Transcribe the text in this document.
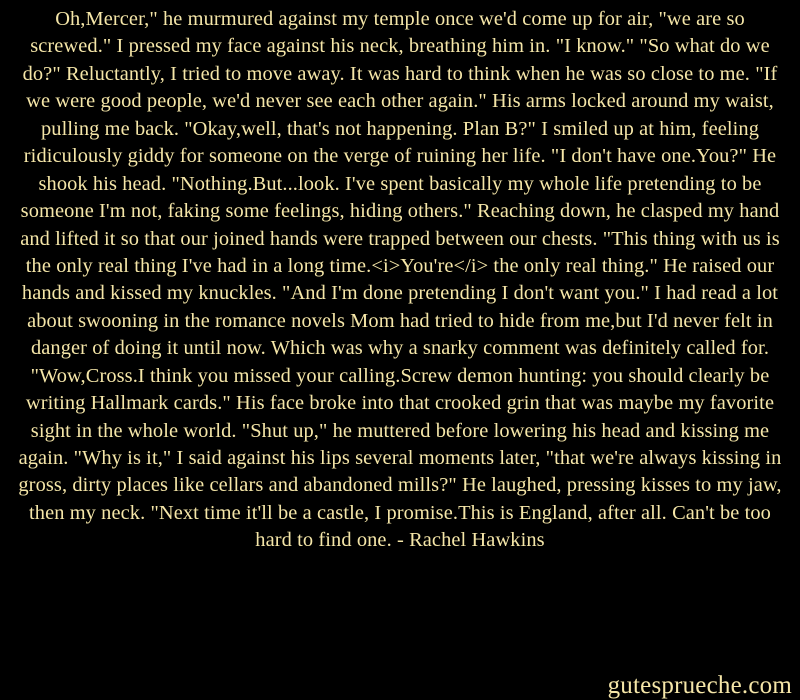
Oh,Mercer," he murmured against my temple once we'd come up for air, "we are so screwed." I pressed my face against his neck, breathing him in. "I know." "So what do we do?" Reluctantly, I tried to move away. It was hard to think when he was so close to me. "If we were good people, we'd never see each other again." His arms locked around my waist, pulling me back. "Okay,well, that's not happening. Plan B?" I smiled up at him, feeling ridiculously giddy for someone on the verge of ruining her life. "I don't have one.You?" He shook his head. "Nothing.But...look. I've spent basically my whole life pretending to be someone I'm not, faking some feelings, hiding others." Reaching down, he clasped my hand and lifted it so that our joined hands were trapped between our chests. "This thing with us is the only real thing I've had in a long time.<i>You're</i> the only real thing." He raised our hands and kissed my knuckles. "And I'm done pretending I don't want you." I had read a lot about swooning in the romance novels Mom had tried to hide from me,but I'd never felt in danger of doing it until now. Which was why a snarky comment was definitely called for. "Wow,Cross.I think you missed your calling.Screw demon hunting: you should clearly be writing Hallmark cards." His face broke into that crooked grin that was maybe my favorite sight in the whole world. "Shut up," he muttered before lowering his head and kissing me again. "Why is it," I said against his lips several moments later, "that we're always kissing in gross, dirty places like cellars and abandoned mills?" He laughed, pressing kisses to my jaw, then my neck. "Next time it'll be a castle, I promise.This is England, after all. Can't be too hard to find one. - Rachel Hawkins

gutesprueche.com
